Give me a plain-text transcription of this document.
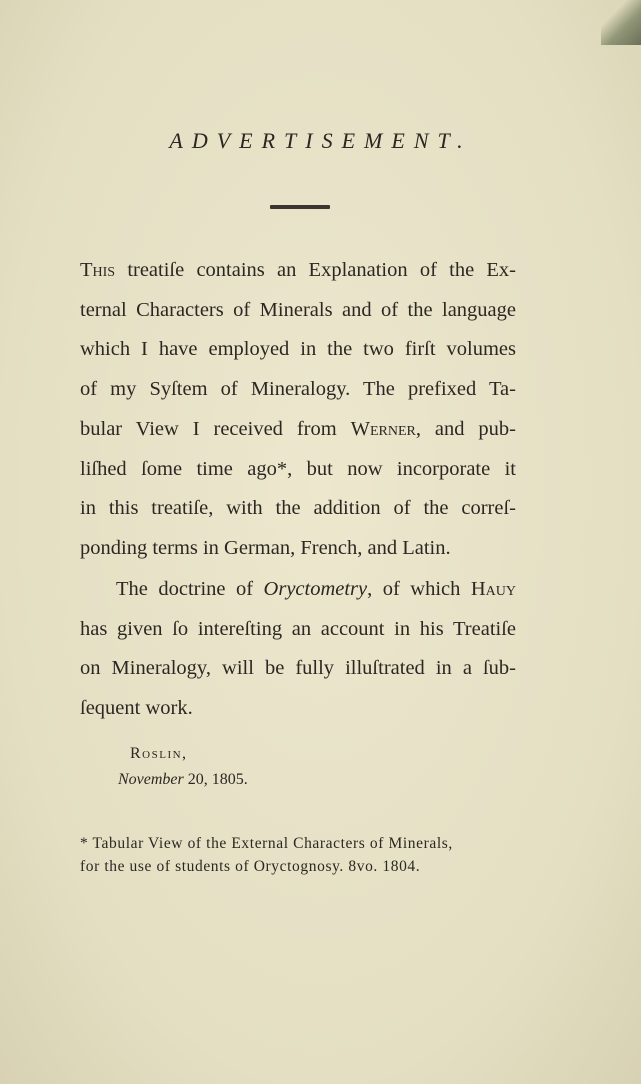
ADVERTISEMENT.
This treatiſe contains an Explanation of the Ex-
ternal Characters of Minerals and of the language
which I have employed in the two firſt volumes
of my Syſtem of Mineralogy. The prefixed Ta-
bular View I received from Werner, and pub-
liſhed ſome time ago*, but now incorporate it
in this treatiſe, with the addition of the correſ-
ponding terms in German, French, and Latin.
The doctrine of Oryctometry, of which Hauy
has given ſo intereſting an account in his Treatiſe
on Mineralogy, will be fully illuſtrated in a ſub-
ſequent work.
Roslin,
November 20, 1805.
* Tabular View of the External Characters of Minerals,
for the use of students of Oryctognosy. 8vo. 1804.
